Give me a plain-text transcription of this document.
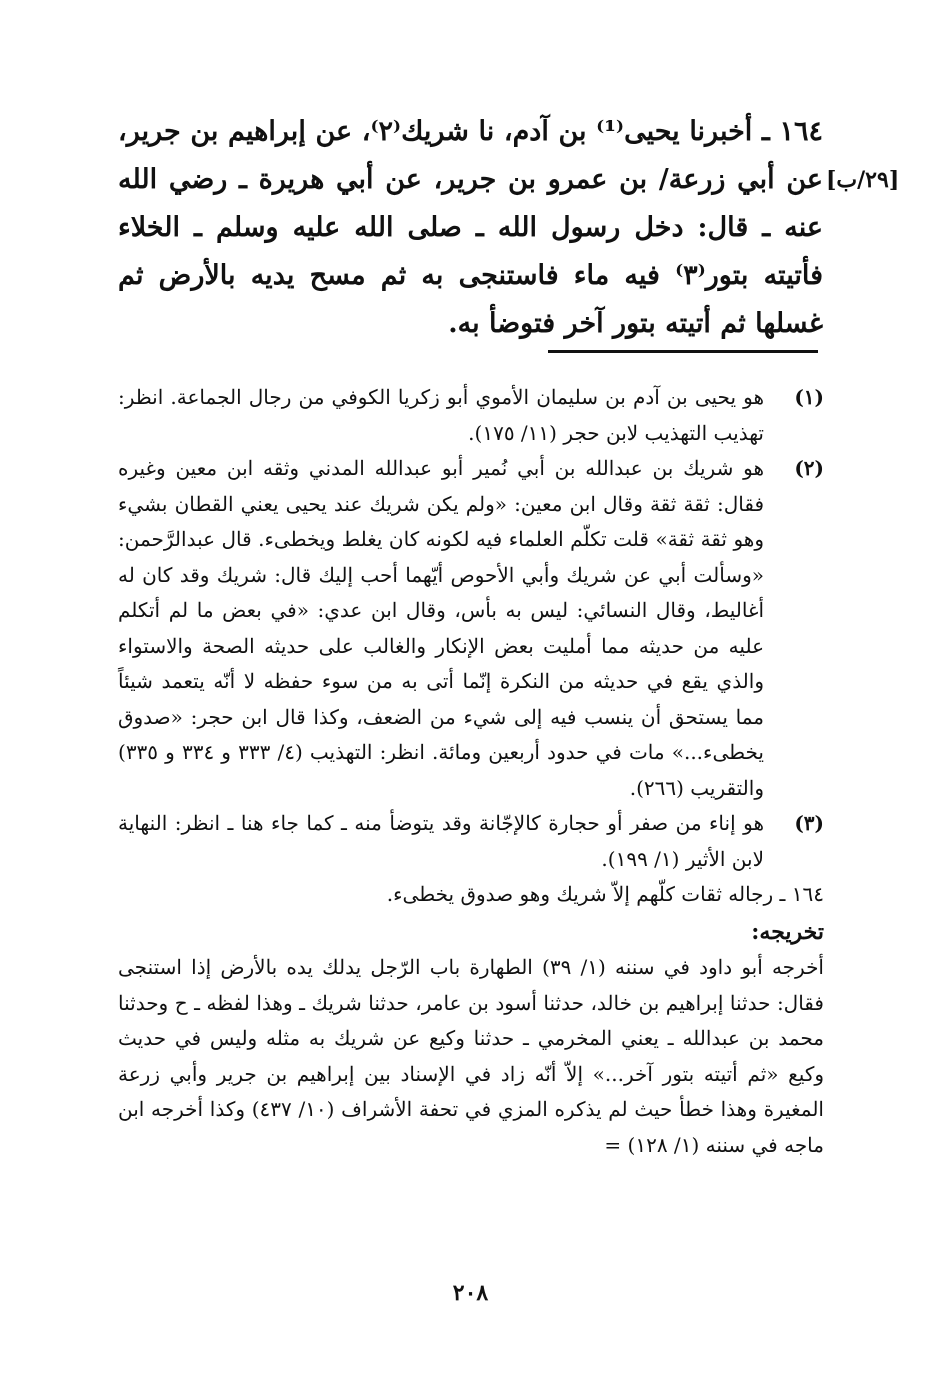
١٦٤ ـ أخبرنا يحيى⁽¹⁾ بن آدم، نا شريك⁽٢⁾، عن إبراهيم بن جرير، عن أبي زرعة/ بن عمرو بن جرير، عن أبي هريرة ـ رضي الله عنه ـ قال: دخل رسول الله ـ صلى الله عليه وسلم ـ الخلاء فأتيته بتور⁽٣⁾ فيه ماء فاستنجى به ثم مسح يديه بالأرض ثم غسلها ثم أتيته بتور آخر فتوضأ به.

[٢٩/ب]
(١)
هو يحيى بن آدم بن سليمان الأموي أبو زكريا الكوفي من رجال الجماعة. انظر: تهذيب التهذيب لابن حجر (١١/ ١٧٥).
(٢)
هو شريك بن عبدالله بن أبي نُمير أبو عبدالله المدني وثقه ابن معين وغيره فقال: ثقة ثقة وقال ابن معين: «ولم يكن شريك عند يحيى يعني القطان بشيء وهو ثقة ثقة» قلت تكلّم العلماء فيه لكونه كان يغلط ويخطىء. قال عبدالرَّحمن: «وسألت أبي عن شريك وأبي الأحوص أيّهما أحب إليك قال: شريك وقد كان له أغاليط، وقال النسائي: ليس به بأس، وقال ابن عدي: «في بعض ما لم أتكلم عليه من حديثه مما أمليت بعض الإنكار والغالب على حديثه الصحة والاستواء والذي يقع في حديثه من النكرة إنّما أتى به من سوء حفظه لا أنّه يتعمد شيئاً مما يستحق أن ينسب فيه إلى شيء من الضعف، وكذا قال ابن حجر: «صدوق يخطىء...» مات في حدود أربعين ومائة. انظر: التهذيب (٤/ ٣٣٣ و ٣٣٤ و ٣٣٥) والتقريب (٢٦٦).
(٣)
هو إناء من صفر أو حجارة كالإجّانة وقد يتوضأ منه ـ كما جاء هنا ـ انظر: النهاية لابن الأثير (١/ ١٩٩).
١٦٤ ـ رجاله ثقات كلّهم إلاّ شريك وهو صدوق يخطىء.
تخريجه:
أخرجه أبو داود في سننه (١/ ٣٩) الطهارة باب الرّجل يدلك يده بالأرض إذا استنجى فقال: حدثنا إبراهيم بن خالد، حدثنا أسود بن عامر، حدثنا شريك ـ وهذا لفظه ـ ح وحدثنا محمد بن عبدالله ـ يعني المخرمي ـ حدثنا وكيع عن شريك به مثله وليس في حديث وكيع «ثم أتيته بتور آخر...» إلاّ أنّه زاد في الإسناد بين إبراهيم بن جرير وأبي زرعة المغيرة وهذا خطأ حيث لم يذكره المزي في تحفة الأشراف (١٠/ ٤٣٧) وكذا أخرجه ابن ماجه في سننه (١/ ١٢٨) =
٢٠٨
